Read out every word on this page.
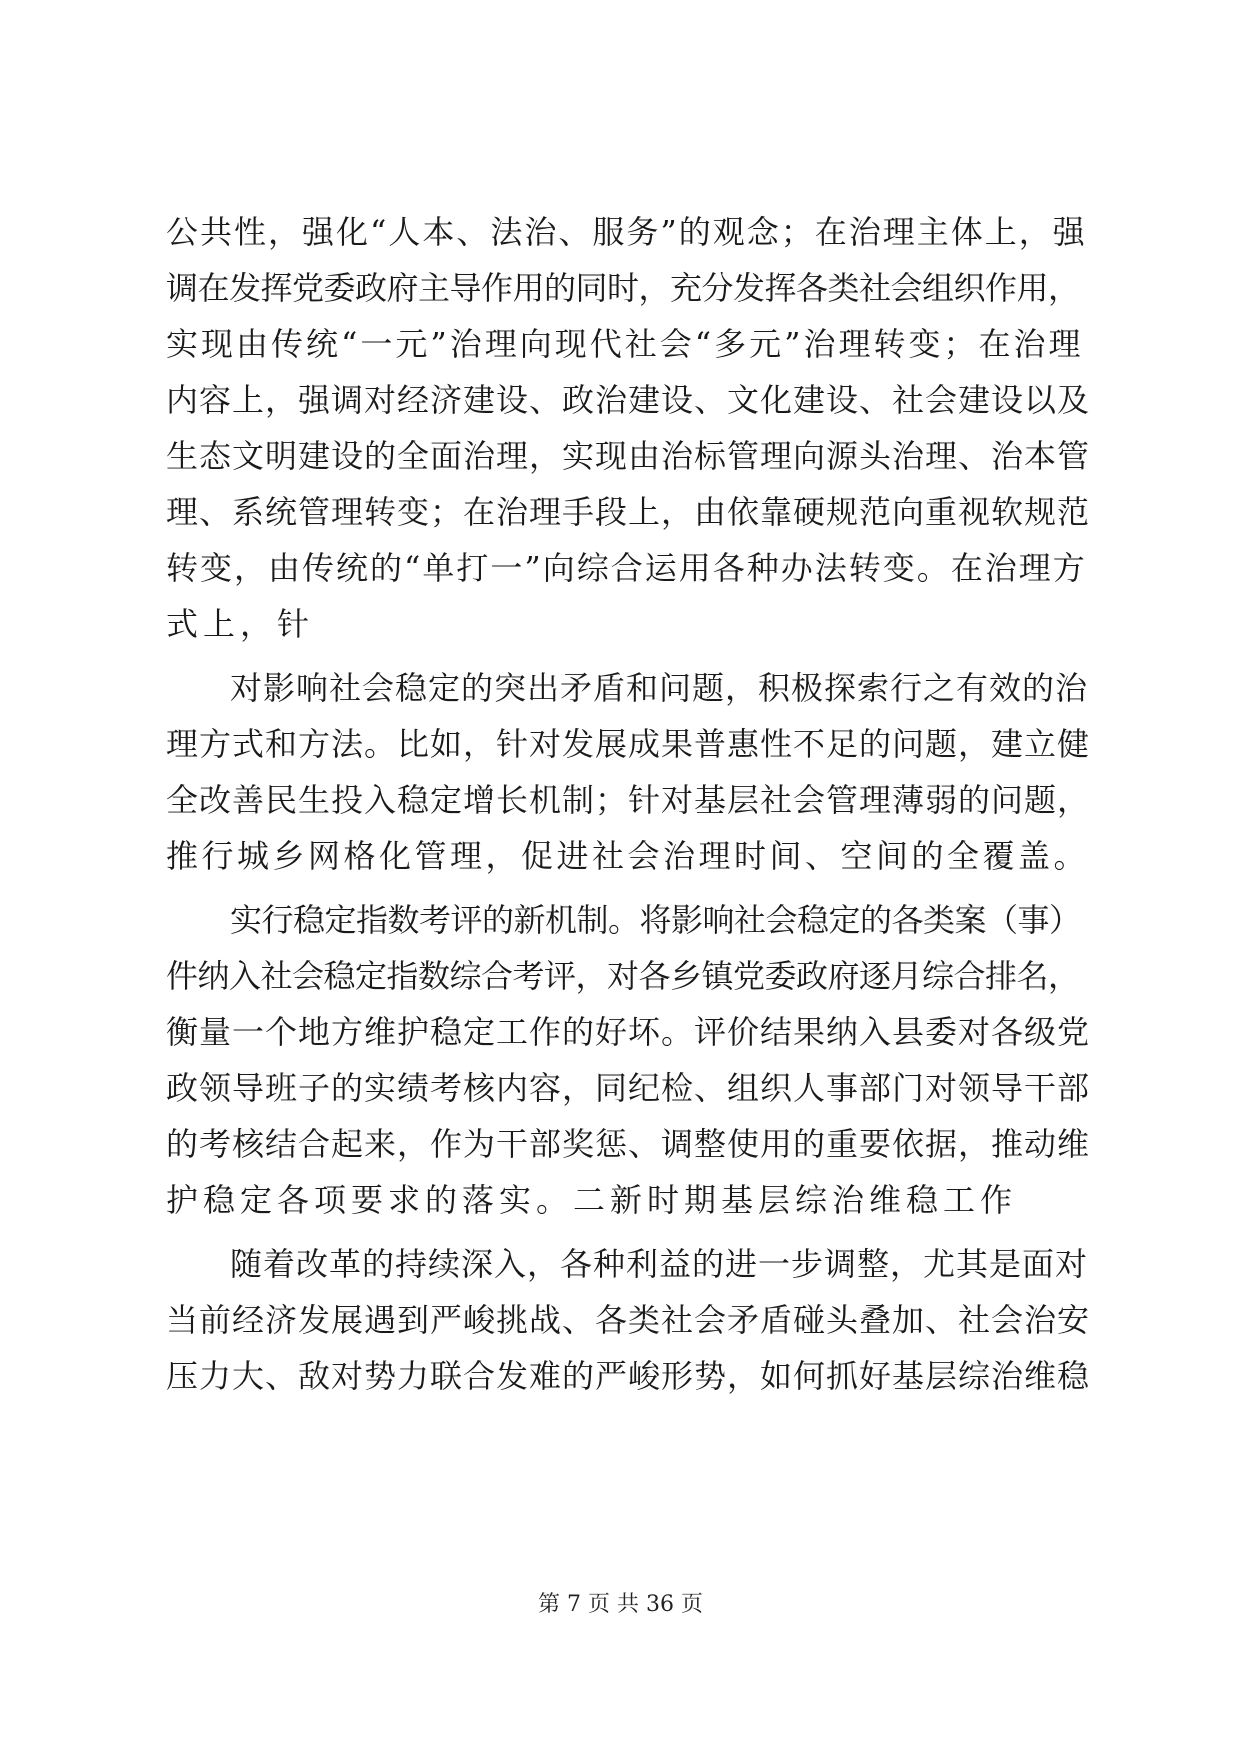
公共性，强化“人本、法治、服务”的观念；在治理主体上，强
调在发挥党委政府主导作用的同时，充分发挥各类社会组织作用，
实现由传统“一元”治理向现代社会“多元”治理转变；在治理
内容上，强调对经济建设、政治建设、文化建设、社会建设以及
生态文明建设的全面治理，实现由治标管理向源头治理、治本管
理、系统管理转变；在治理手段上，由依靠硬规范向重视软规范
转变，由传统的“单打一”向综合运用各种办法转变。在治理方
式上，针
对影响社会稳定的突出矛盾和问题，积极探索行之有效的治
理方式和方法。比如，针对发展成果普惠性不足的问题，建立健
全改善民生投入稳定增长机制；针对基层社会管理薄弱的问题，
推行城乡网格化管理，促进社会治理时间、空间的全覆盖。
实行稳定指数考评的新机制。将影响社会稳定的各类案（事）
件纳入社会稳定指数综合考评，对各乡镇党委政府逐月综合排名，
衡量一个地方维护稳定工作的好坏。评价结果纳入县委对各级党
政领导班子的实绩考核内容，同纪检、组织人事部门对领导干部
的考核结合起来，作为干部奖惩、调整使用的重要依据，推动维
护稳定各项要求的落实。二新时期基层综治维稳工作
随着改革的持续深入，各种利益的进一步调整，尤其是面对
当前经济发展遇到严峻挑战、各类社会矛盾碰头叠加、社会治安
压力大、敌对势力联合发难的严峻形势，如何抓好基层综治维稳
第 7 页 共 36 页
